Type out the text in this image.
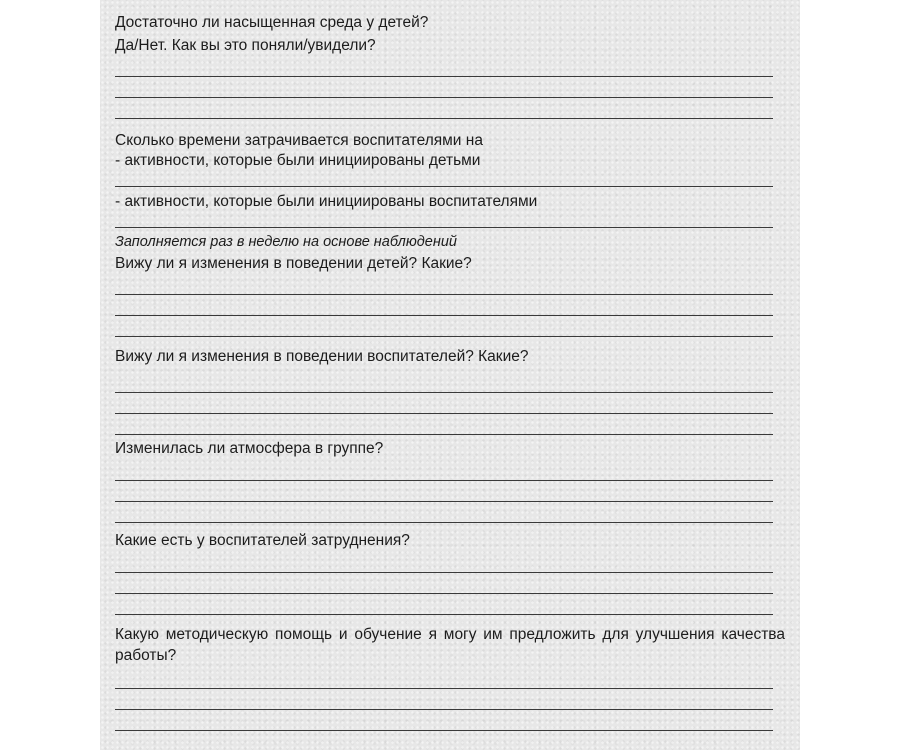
Достаточно ли насыщенная среда у детей?
Да/Нет. Как вы это поняли/увидели?
Сколько времени затрачивается воспитателями на
- активности, которые были инициированы детьми
- активности, которые были инициированы воспитателями
Заполняется раз в неделю на основе наблюдений
Вижу ли я изменения в поведении детей? Какие?
Вижу ли я изменения в поведении воспитателей? Какие?
Изменилась ли атмосфера в группе?
Какие есть у воспитателей затруднения?
Какую методическую помощь и обучение я могу им предложить для улучшения качества работы?
